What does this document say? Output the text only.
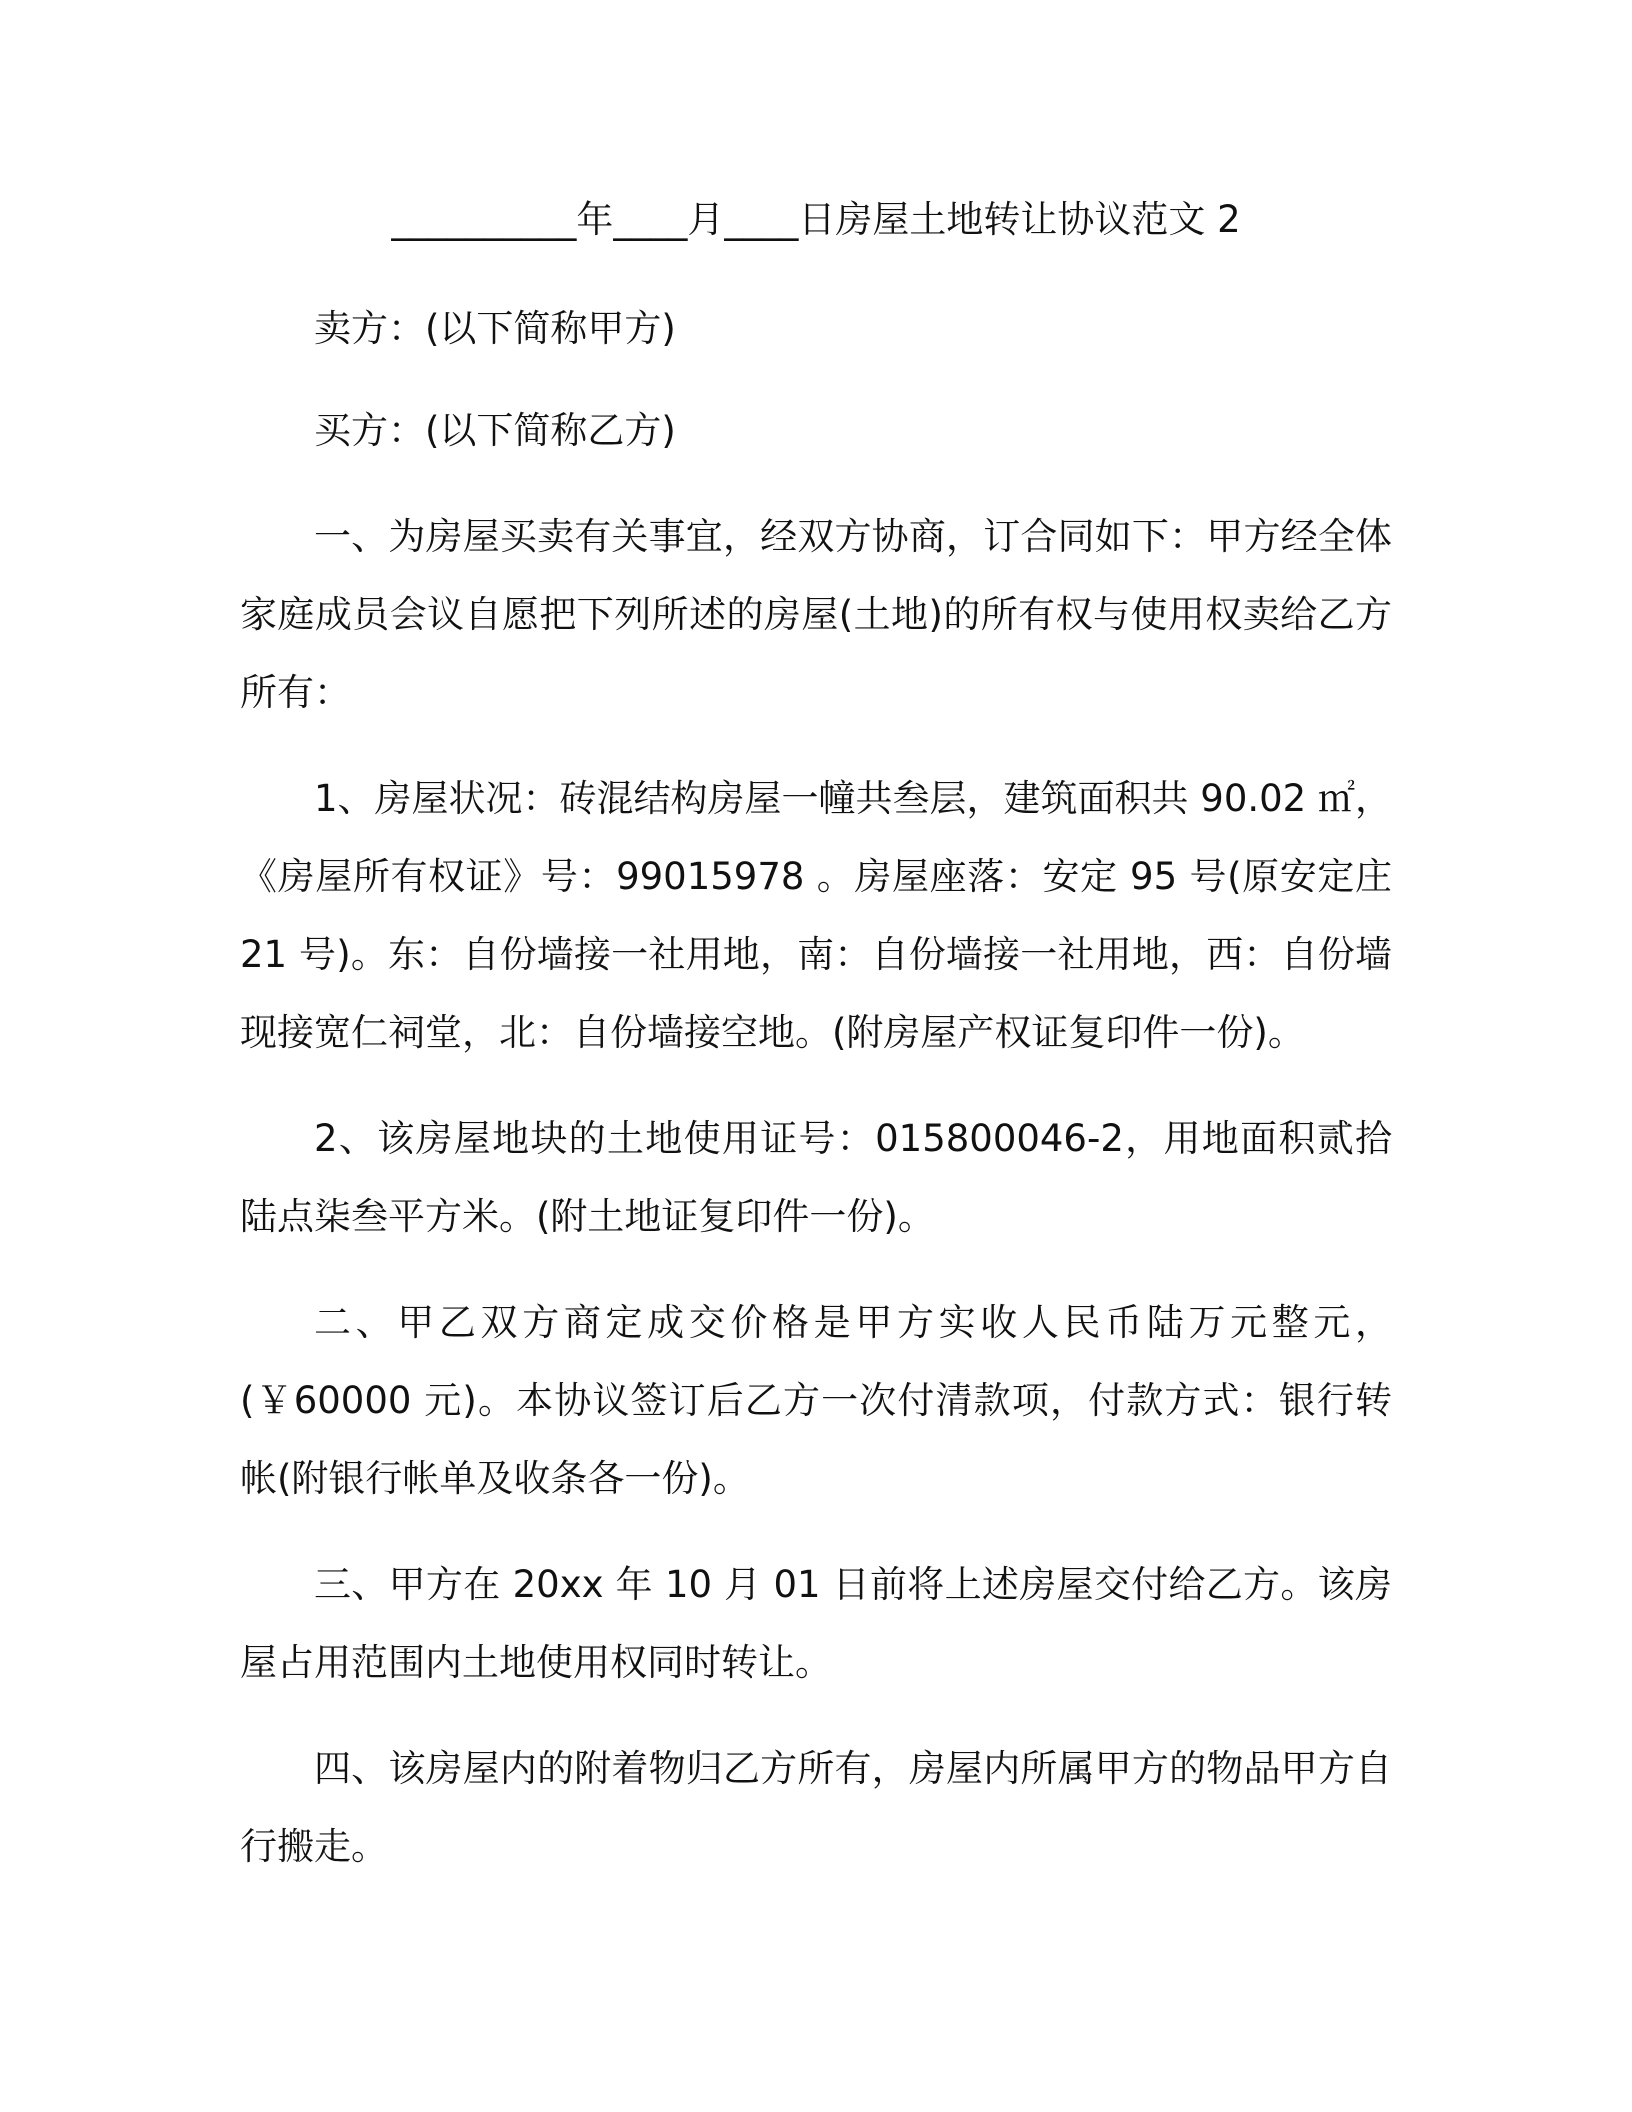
__________年____月____日房屋土地转让协议范文 2

卖方：(以下简称甲方)

买方：(以下简称乙方)

一、为房屋买卖有关事宜，经双方协商，订合同如下：甲方经全体家庭成员会议自愿把下列所述的房屋(土地)的所有权与使用权卖给乙方所有：

1、房屋状况：砖混结构房屋一幢共叁层，建筑面积共 90.02 ㎡，《房屋所有权证》号：99015978 。房屋座落：安定 95 号(原安定庄 21 号)。东：自份墙接一社用地，南：自份墙接一社用地，西：自份墙现接宽仁祠堂，北：自份墙接空地。(附房屋产权证复印件一份)。

2、该房屋地块的土地使用证号：015800046-2，用地面积贰拾陆点柒叁平方米。(附土地证复印件一份)。

二、甲乙双方商定成交价格是甲方实收人民币陆万元整元，(￥60000 元)。本协议签订后乙方一次付清款项，付款方式：银行转帐(附银行帐单及收条各一份)。

三、甲方在 20xx 年 10 月 01 日前将上述房屋交付给乙方。该房屋占用范围内土地使用权同时转让。

四、该房屋内的附着物归乙方所有，房屋内所属甲方的物品甲方自行搬走。
